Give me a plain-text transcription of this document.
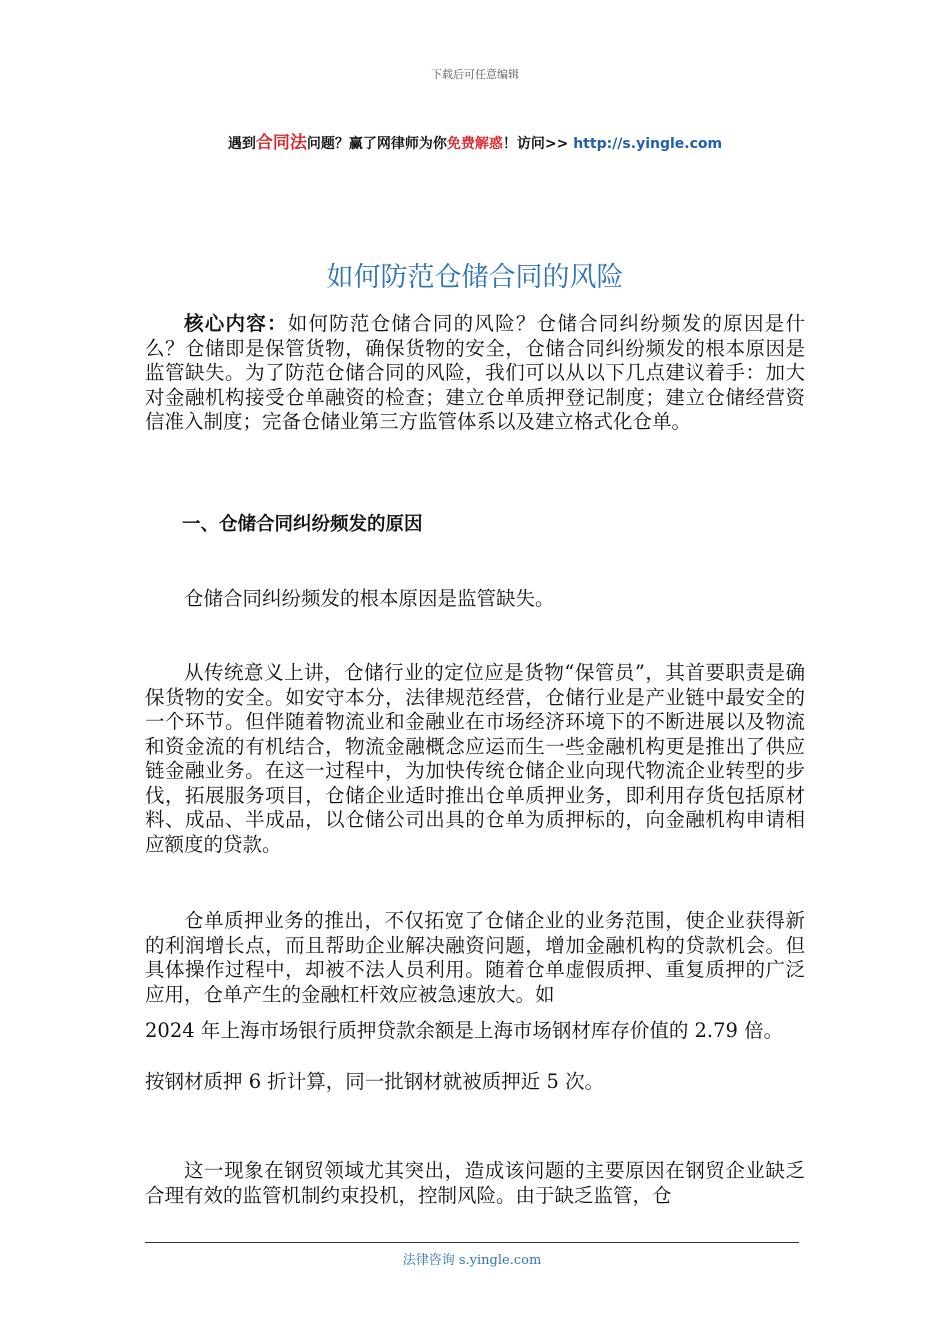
下载后可任意编辑
遇到合同法问题？赢了网律师为你免费解惑！访问>> http://s.yingle.com
如何防范仓储合同的风险

核心内容：如何防范仓储合同的风险？仓储合同纠纷频发的原因是什么？仓储即是保管货物，确保货物的安全，仓储合同纠纷频发的根本原因是监管缺失。为了防范仓储合同的风险，我们可以从以下几点建议着手：加大对金融机构接受仓单融资的检查；建立仓单质押登记制度；建立仓储经营资信准入制度；完备仓储业第三方监管体系以及建立格式化仓单。

一、仓储合同纠纷频发的原因

仓储合同纠纷频发的根本原因是监管缺失。

从传统意义上讲，仓储行业的定位应是货物“保管员”，其首要职责是确保货物的安全。如安守本分，法律规范经营，仓储行业是产业链中最安全的一个环节。但伴随着物流业和金融业在市场经济环境下的不断进展以及物流和资金流的有机结合，物流金融概念应运而生一些金融机构更是推出了供应链金融业务。在这一过程中，为加快传统仓储企业向现代物流企业转型的步伐，拓展服务项目，仓储企业适时推出仓单质押业务，即利用存货包括原材料、成品、半成品，以仓储公司出具的仓单为质押标的，向金融机构申请相应额度的贷款。

仓单质押业务的推出，不仅拓宽了仓储企业的业务范围，使企业获得新的利润增长点，而且帮助企业解决融资问题，增加金融机构的贷款机会。但具体操作过程中，却被不法人员利用。随着仓单虚假质押、重复质押的广泛应用，仓单产生的金融杠杆效应被急速放大。如

2024 年上海市场银行质押贷款余额是上海市场钢材库存价值的 2.79 倍。

按钢材质押 6 折计算，同一批钢材就被质押近 5 次。

这一现象在钢贸领域尤其突出，造成该问题的主要原因在钢贸企业缺乏合理有效的监管机制约束投机，控制风险。由于缺乏监管，仓

法律咨询 s.yingle.com
